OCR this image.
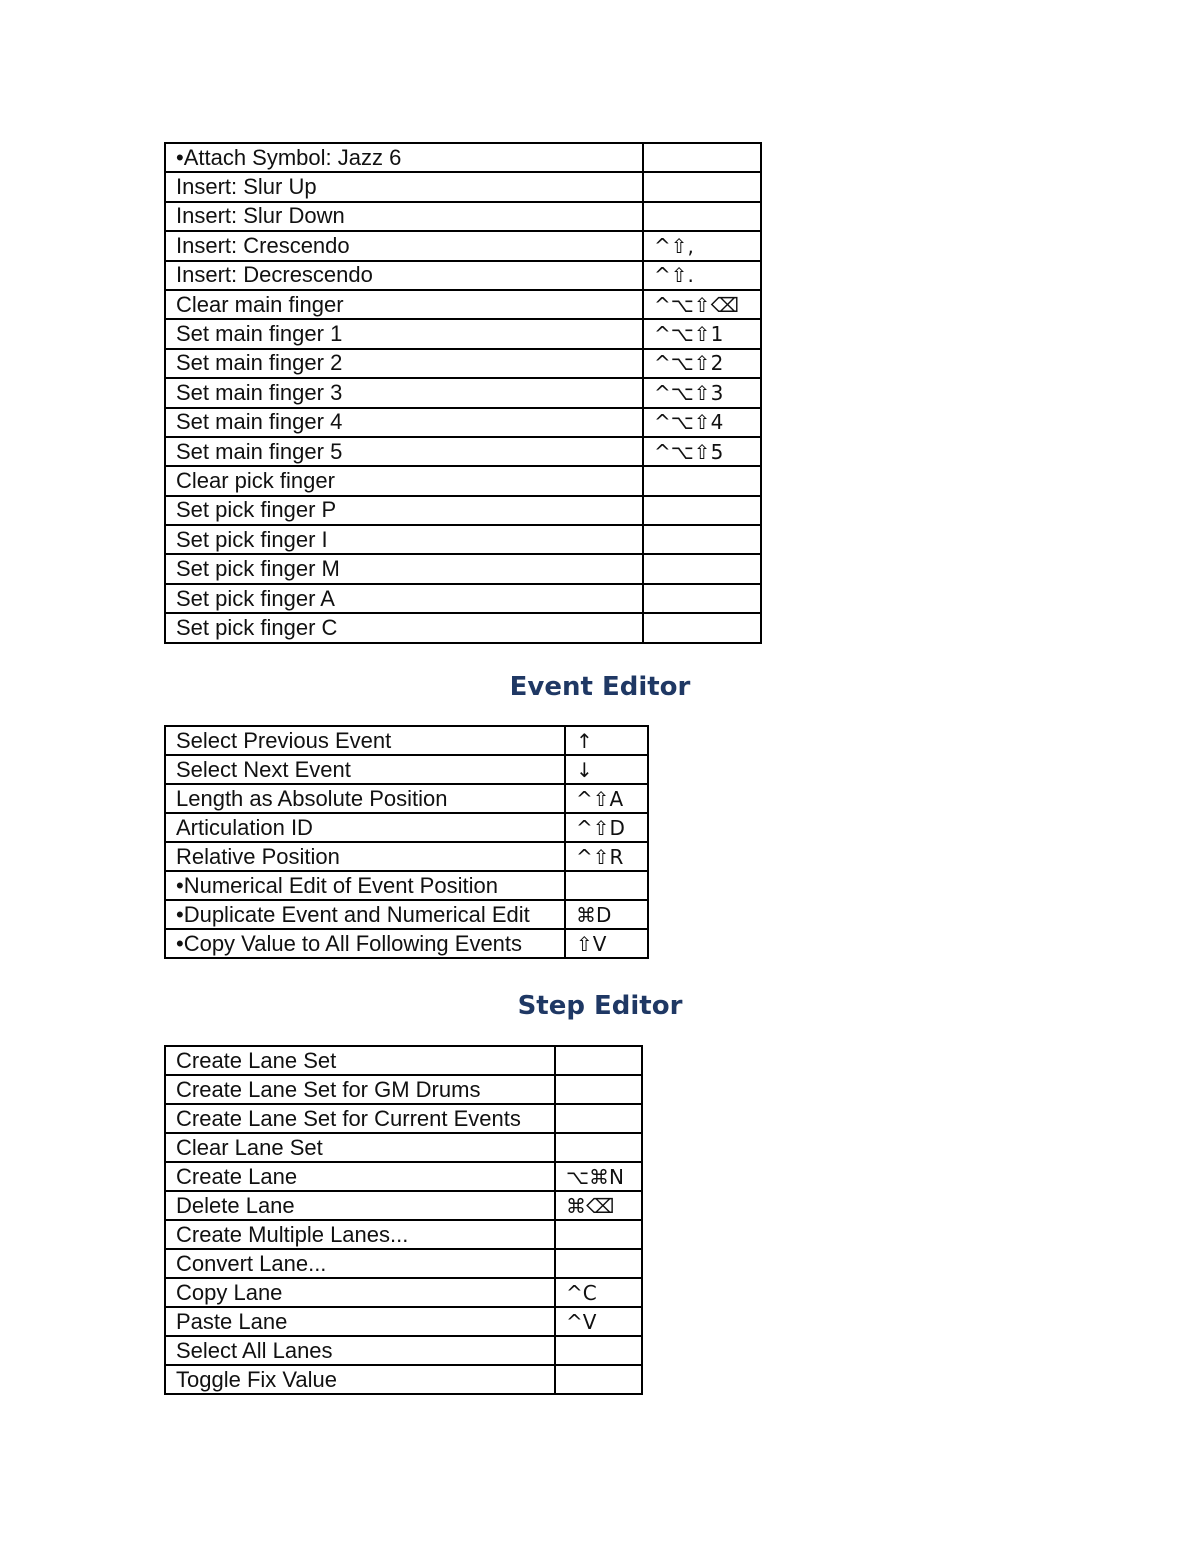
•Attach Symbol: Jazz 6	
Insert: Slur Up	
Insert: Slur Down	
Insert: Crescendo	^⇧,
Insert: Decrescendo	^⇧.
Clear main finger	^⌥⇧⌫
Set main finger 1	^⌥⇧1
Set main finger 2	^⌥⇧2
Set main finger 3	^⌥⇧3
Set main finger 4	^⌥⇧4
Set main finger 5	^⌥⇧5
Clear pick finger	
Set pick finger P	
Set pick finger I	
Set pick finger M	
Set pick finger A	
Set pick finger C	
Event Editor
Select Previous Event	↑
Select Next Event	↓
Length as Absolute Position	^⇧A
Articulation ID	^⇧D
Relative Position	^⇧R
•Numerical Edit of Event Position	
•Duplicate Event and Numerical Edit	⌘D
•Copy Value to All Following Events	⇧V
Step Editor
Create Lane Set	
Create Lane Set for GM Drums	
Create Lane Set for Current Events	
Clear Lane Set	
Create Lane	⌥⌘N
Delete Lane	⌘⌫
Create Multiple Lanes...	
Convert Lane...	
Copy Lane	^C
Paste Lane	^V
Select All Lanes	
Toggle Fix Value	
